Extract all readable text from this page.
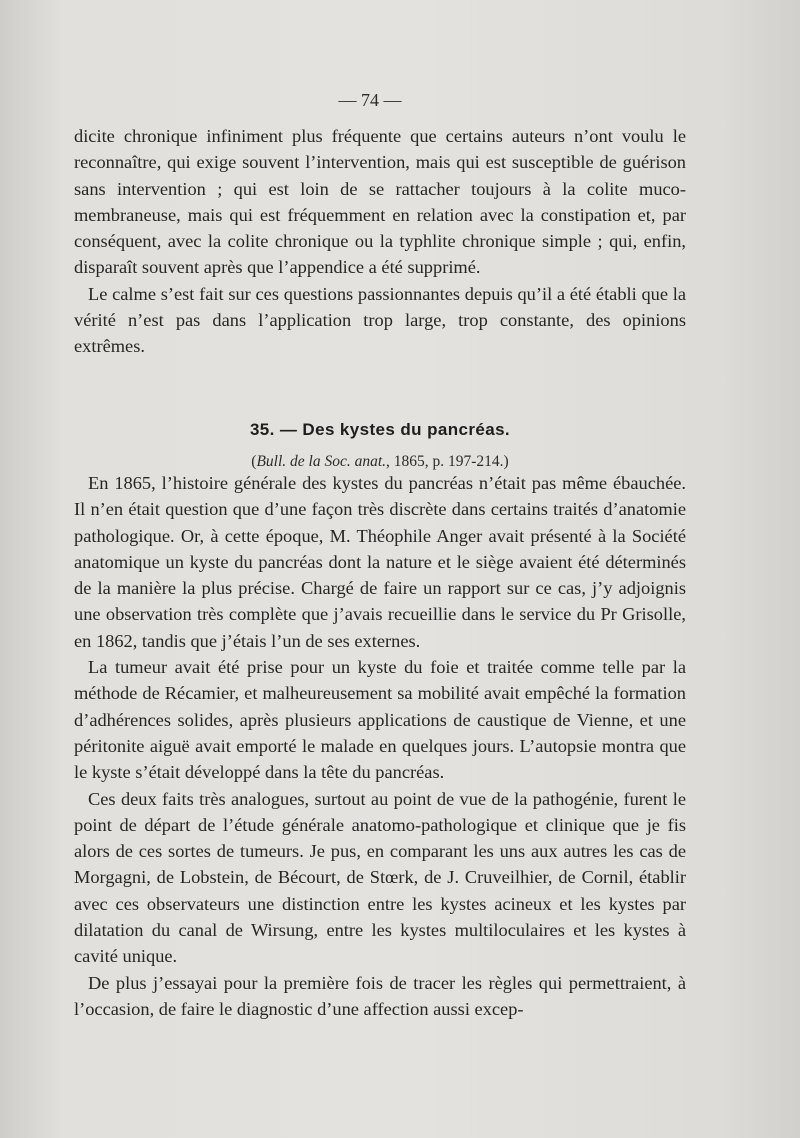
— 74 —

dicite chronique infiniment plus fréquente que certains auteurs n’ont voulu le reconnaître, qui exige souvent l’intervention, mais qui est susceptible de guérison sans intervention ; qui est loin de se rattacher toujours à la colite muco-membraneuse, mais qui est fréquemment en relation avec la constipation et, par conséquent, avec la colite chronique ou la typhlite chronique simple ; qui, enfin, disparaît souvent après que l’appendice a été supprimé.

Le calme s’est fait sur ces questions passionnantes depuis qu’il a été établi que la vérité n’est pas dans l’application trop large, trop constante, des opinions extrêmes.

35. — Des kystes du pancréas.
(Bull. de la Soc. anat., 1865, p. 197-214.)

En 1865, l’histoire générale des kystes du pancréas n’était pas même ébauchée. Il n’en était question que d’une façon très discrète dans certains traités d’anatomie pathologique. Or, à cette époque, M. Théophile Anger avait présenté à la Société anatomique un kyste du pancréas dont la nature et le siège avaient été déterminés de la manière la plus précise. Chargé de faire un rapport sur ce cas, j’y adjoignis une observation très complète que j’avais recueillie dans le service du Pr Grisolle, en 1862, tandis que j’étais l’un de ses externes.

La tumeur avait été prise pour un kyste du foie et traitée comme telle par la méthode de Récamier, et malheureusement sa mobilité avait empêché la formation d’adhérences solides, après plusieurs applications de caustique de Vienne, et une péritonite aiguë avait emporté le malade en quelques jours. L’autopsie montra que le kyste s’était développé dans la tête du pancréas.

Ces deux faits très analogues, surtout au point de vue de la pathogénie, furent le point de départ de l’étude générale anatomo-pathologique et clinique que je fis alors de ces sortes de tumeurs. Je pus, en comparant les uns aux autres les cas de Morgagni, de Lobstein, de Bécourt, de Stœrk, de J. Cruveilhier, de Cornil, établir avec ces observateurs une distinction entre les kystes acineux et les kystes par dilatation du canal de Wirsung, entre les kystes multiloculaires et les kystes à cavité unique.

De plus j’essayai pour la première fois de tracer les règles qui permettraient, à l’occasion, de faire le diagnostic d’une affection aussi excep-
